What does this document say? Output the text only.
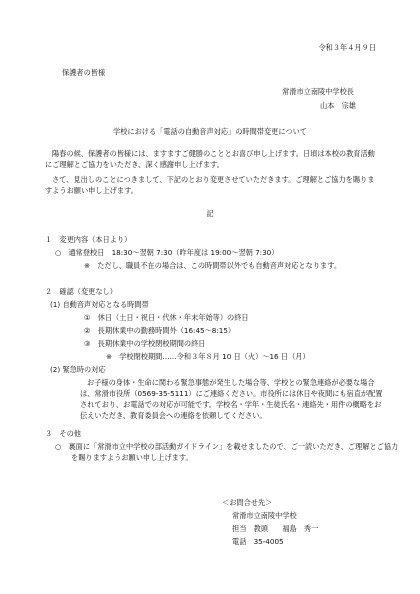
令和３年４月９日
保護者の皆様
常滑市立南陵中学校長
山本　宗雄
学校における「電話の自動音声対応」の時間帯変更について
陽春の候、保護者の皆様には、ますますご健勝のこととお喜び申し上げます。日頃は本校の教育活動にご理解とご協力をいただき、深く感謝申し上げます。
さて、見出しのことにつきまして、下記のとおり変更させていただきます。ご理解とご協力を賜りますようお願い申し上げます。
記
１　変更内容（本日より）
○　通常登校日　18:30～翌朝 7:30（昨年度は 19:00～翌朝 7:30）
※　ただし、職員不在の場合は、この時間帯以外でも自動音声対応となります。
２　確認（変更なし）
(1) 自動音声対応となる時間帯
①　休日（土日・祝日・代休・年末年始等）の終日
②　長期休業中の勤務時間外（16:45～8:15）
③　長期休業中の学校閉校期間の終日
※　学校閉校期間……令和３年８月 10 日（火）～16 日（月）
(2) 緊急時の対応
お子様の身体・生命に関わる緊急事態が発生した場合等、学校との緊急連絡が必要な場合は、常滑市役所（0569-35-5111）にご連絡ください。市役所には休日や夜間にも宿直が配置されており、お電話での対応が可能です。学校名・学年・生徒氏名・連絡先・用件の概略をお伝えいただき、教育委員会への連絡を依頼してください。
３　その他
○　裏面に「常滑市立中学校の部活動ガイドライン」を載せましたので、ご一読いただき、ご理解とご協力を賜りますようお願い申し上げます。
＜お問合せ先＞
常滑市立南陵中学校
担当　教頭　　福島　秀一
電話　35-4005
